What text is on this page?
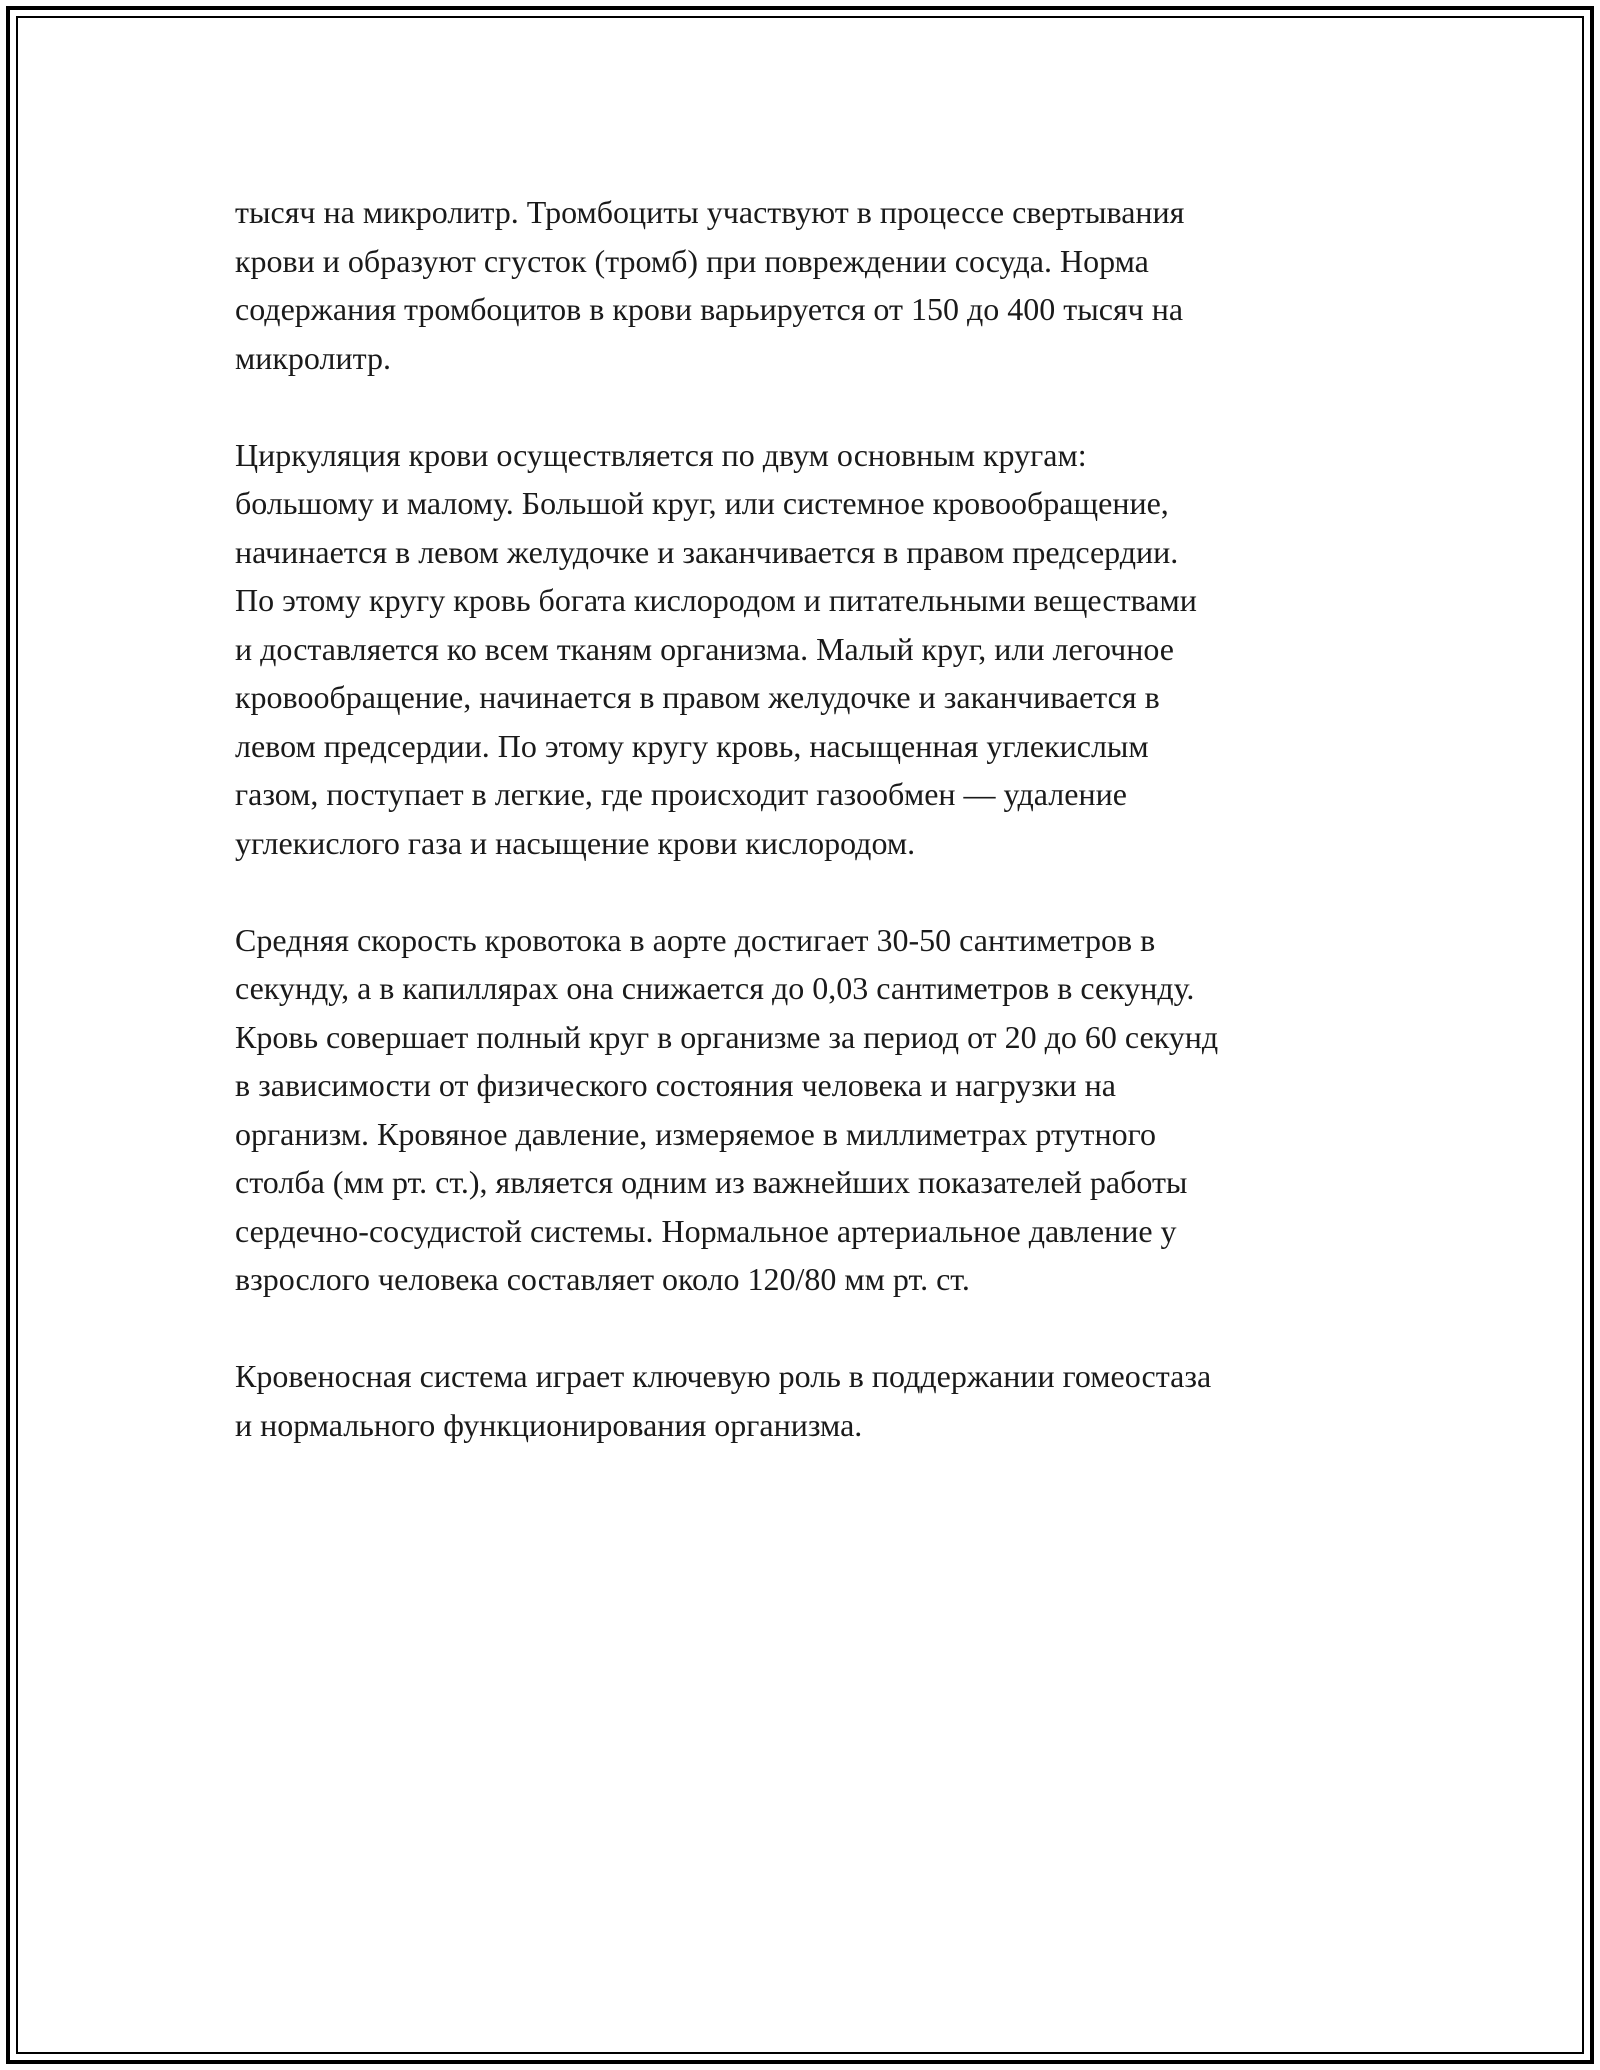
тысяч на микролитр. Тромбоциты участвуют в процессе свертывания
крови и образуют сгусток (тромб) при повреждении сосуда. Норма
содержания тромбоцитов в крови варьируется от 150 до 400 тысяч на
микролитр.

Циркуляция крови осуществляется по двум основным кругам:
большому и малому. Большой круг, или системное кровообращение,
начинается в левом желудочке и заканчивается в правом предсердии.
По этому кругу кровь богата кислородом и питательными веществами
и доставляется ко всем тканям организма. Малый круг, или легочное
кровообращение, начинается в правом желудочке и заканчивается в
левом предсердии. По этому кругу кровь, насыщенная углекислым
газом, поступает в легкие, где происходит газообмен — удаление
углекислого газа и насыщение крови кислородом.

Средняя скорость кровотока в аорте достигает 30-50 сантиметров в
секунду, а в капиллярах она снижается до 0,03 сантиметров в секунду.
Кровь совершает полный круг в организме за период от 20 до 60 секунд
в зависимости от физического состояния человека и нагрузки на
организм. Кровяное давление, измеряемое в миллиметрах ртутного
столба (мм рт. ст.), является одним из важнейших показателей работы
сердечно-сосудистой системы. Нормальное артериальное давление у
взрослого человека составляет около 120/80 мм рт. ст.

Кровеносная система играет ключевую роль в поддержании гомеостаза
и нормального функционирования организма.
